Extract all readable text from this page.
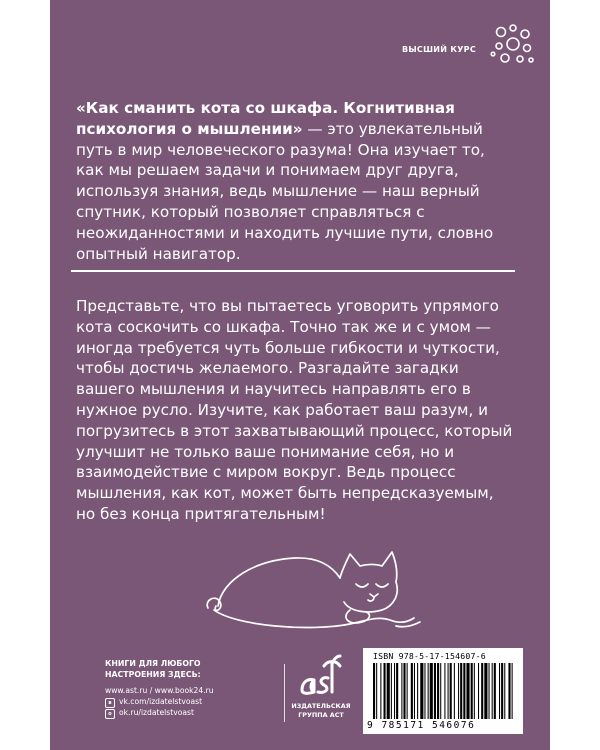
ВЫСШИЙ КУРС

«Как сманить кота со шкафа. Когнитивная психология о мышлении» — это увлекательный путь в мир человеческого разума! Она изучает то, как мы решаем задачи и понимаем друг друга, используя знания, ведь мышление — наш верный спутник, который позволяет справляться с неожиданностями и находить лучшие пути, словно опытный навигатор.

Представьте, что вы пытаетесь уговорить упрямого кота соскочить со шкафа. Точно так же и с умом — иногда требуется чуть больше гибкости и чуткости, чтобы достичь желаемого. Разгадайте загадки вашего мышления и научитесь направлять его в нужное русло. Изучите, как работает ваш разум, и погрузитесь в этот захватывающий процесс, который улучшит не только ваше понимание себя, но и взаимодействие с миром вокруг. Ведь процесс мышления, как кот, может быть непредсказуемым, но без конца притягательным!

КНИГИ ДЛЯ ЛЮБОГО НАСТРОЕНИЯ ЗДЕСЬ:
www.ast.ru / www.book24.ru
в vk.com/izdatelstvoast
о ok.ru/izdatelstvoast
ИЗДАТЕЛЬСКАЯ ГРУППА АСТ
ISBN 978-5-17-154607-6
9 785171 546076
